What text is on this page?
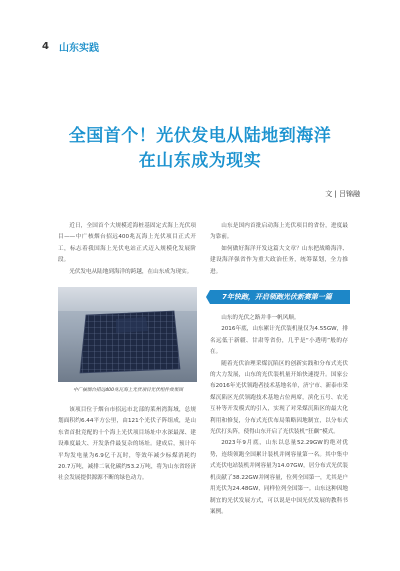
4 山东实践
全国首个！光伏发电从陆地到海洋
在山东成为现实
文 | 吕锦融

近日，全国首个大规模近海桩基固定式海上光伏项目——中广核烟台招远400兆瓦海上光伏项目正式开工，标志着我国海上光伏电站正式迈入规模化发展阶段。

光伏发电从陆地到海洋的跨越，在山东成为现实。

中广核烟台招远400兆瓦海上光伏项目光伏组件效果图

该项目位于烟台市招远市北部的莱州湾海域，总规划面积约6.44平方公里，由121个光伏子阵组成，是山东省首批竞配的十个海上光伏项目场址中水深最深、建设难度最大、开发条件最复杂的场址。建成后，预计年平均发电量为6.9亿千瓦时，等效年减少标煤消耗约20.7万吨，减排二氧化碳约53.2万吨，将为山东省经济社会发展提供源源不断的绿色动力。

山东是国内首批启动海上光伏项目的省份，进度最为靠前。

如何做好海洋开发这篇大文章？山东把战略海洋、建设海洋强省作为重大政治任务，统筹谋划，全力推进。

7年快跑，开启领跑光伏新赛第一篇

山东的光伏之路并非一帆风顺。

2016年底，山东累计光伏装机量仅为4.55GW，排名远低于新疆、甘肃等省份，几乎是“小透明”般的存在。

随着光伏治理采煤沉陷区的创新实践和分布式光伏的大力发展，山东的光伏装机量开始快速提升。国家公布2016年光伏领跑者技术基地名单，济宁市、新泰市采煤沉陷区光伏领跑技术基地占位两席，滨化五号、农光互补等开发模式的引入，实现了对采煤沉陷区的最大化利用和修复，分布式光伏布局策略因地制宜，以分布式光伏打头阵，使得山东开启了光伏装机“狂飙”模式。

2023年9月底，山东以总量52.29GW的绝对优势，连续领跑全国累计装机并网容量第一名。其中集中式光伏电站装机并网容量为14.07GW，居分布式光伏装机贡献了38.22GW并网容量，位列全国第一，尤其是户用光伏为24.48GW，同样位列全国第一。山东这种因地制宜的光伏发展方式，可以说是中国光伏发展的教科书案例。
